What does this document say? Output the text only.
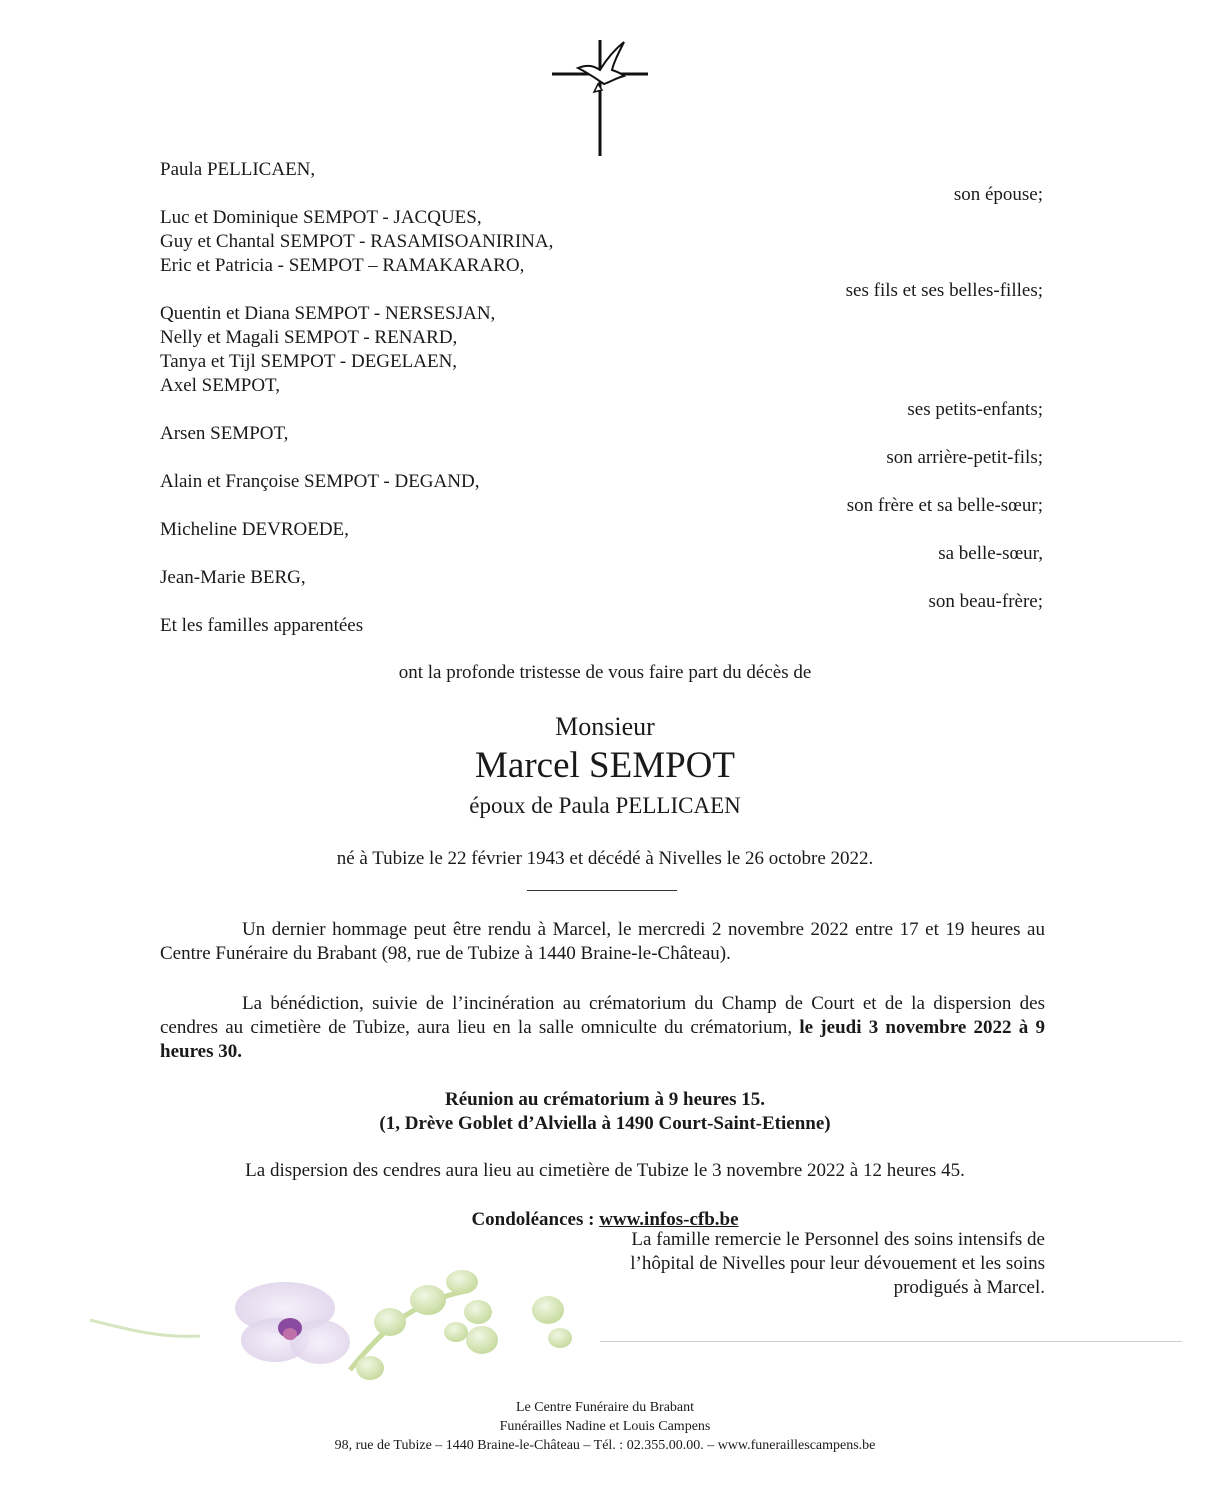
Paula PELLICAEN,
son épouse;
Luc et Dominique SEMPOT - JACQUES,
Guy et Chantal SEMPOT - RASAMISOANIRINA,
Eric et Patricia - SEMPOT – RAMAKARARO,
ses fils et ses belles-filles;
Quentin et Diana SEMPOT - NERSESJAN,
Nelly et Magali SEMPOT - RENARD,
Tanya et Tijl SEMPOT - DEGELAEN,
Axel SEMPOT,
ses petits-enfants;
Arsen SEMPOT,
son arrière-petit-fils;
Alain et Françoise SEMPOT - DEGAND,
son frère et sa belle-sœur;
Micheline DEVROEDE,
sa belle-sœur,
Jean-Marie BERG,
son beau-frère;
Et les familles apparentées
ont la profonde tristesse de vous faire part du décès de
Monsieur
Marcel SEMPOT
époux de Paula PELLICAEN
né à Tubize le 22 février 1943 et décédé à Nivelles le 26 octobre 2022.

Un dernier hommage peut être rendu à Marcel, le mercredi 2 novembre 2022 entre 17 et 19 heures au Centre Funéraire du Brabant (98, rue de Tubize à 1440 Braine-le-Château).

La bénédiction, suivie de l’incinération au crématorium du Champ de Court et de la dispersion des cendres au cimetière de Tubize, aura lieu en la salle omniculte du crématorium, le jeudi 3 novembre 2022 à 9 heures 30.

Réunion au crématorium à 9 heures 15.
(1, Drève Goblet d’Alviella à 1490 Court-Saint-Etienne)
La dispersion des cendres aura lieu au cimetière de Tubize le 3 novembre 2022 à 12 heures 45.
Condoléances : www.infos-cfb.be
La famille remercie le Personnel des soins intensifs de
l’hôpital de Nivelles pour leur dévouement et les soins
prodigués à Marcel.
Le Centre Funéraire du Brabant
Funérailles Nadine et Louis Campens
98, rue de Tubize – 1440 Braine-le-Château – Tél. : 02.355.00.00. – www.funeraillescampens.be
